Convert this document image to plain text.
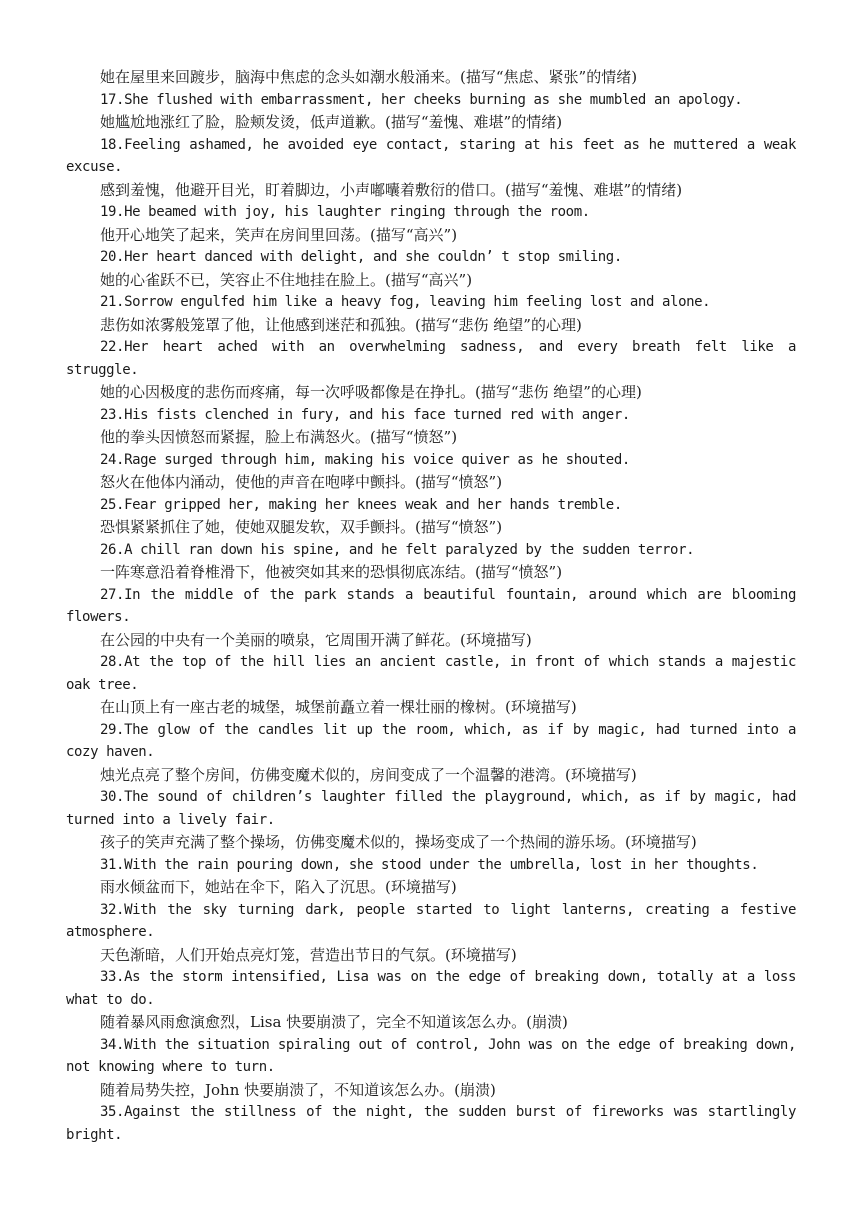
她在屋里来回踱步，脑海中焦虑的念头如潮水般涌来。(描写“焦虑、紧张”的情绪)

17.She flushed with embarrassment, her cheeks burning as she mumbled an apology.

她尴尬地涨红了脸，脸颊发烫，低声道歉。(描写“羞愧、难堪”的情绪)

18.Feeling ashamed, he avoided eye contact, staring at his feet as he muttered a weak excuse.

感到羞愧，他避开目光，盯着脚边，小声嘟囔着敷衍的借口。(描写“羞愧、难堪”的情绪)

19.He beamed with joy, his laughter ringing through the room.

他开心地笑了起来，笑声在房间里回荡。(描写“高兴”)

20.Her heart danced with delight, and she couldn’ t stop smiling.

她的心雀跃不已，笑容止不住地挂在脸上。(描写“高兴”)

21.Sorrow engulfed him like a heavy fog, leaving him feeling lost and alone.

悲伤如浓雾般笼罩了他，让他感到迷茫和孤独。(描写“悲伤 绝望”的心理)

22.Her heart ached with an overwhelming sadness, and every breath felt like a struggle.

她的心因极度的悲伤而疼痛，每一次呼吸都像是在挣扎。(描写“悲伤 绝望”的心理)

23.His fists clenched in fury, and his face turned red with anger.

他的拳头因愤怒而紧握，脸上布满怒火。(描写“愤怒”)

24.Rage surged through him, making his voice quiver as he shouted.

怒火在他体内涌动，使他的声音在咆哮中颤抖。(描写“愤怒”)

25.Fear gripped her, making her knees weak and her hands tremble.

恐惧紧紧抓住了她，使她双腿发软，双手颤抖。(描写“愤怒”)

26.A chill ran down his spine, and he felt paralyzed by the sudden terror.

一阵寒意沿着脊椎滑下，他被突如其来的恐惧彻底冻结。(描写“愤怒”)

27.In the middle of the park stands a beautiful fountain, around which are blooming flowers.

在公园的中央有一个美丽的喷泉，它周围开满了鲜花。(环境描写)

28.At the top of the hill lies an ancient castle, in front of which stands a majestic oak tree.

在山顶上有一座古老的城堡，城堡前矗立着一棵壮丽的橡树。(环境描写)

29.The glow of the candles lit up the room, which, as if by magic, had turned into a cozy haven.

烛光点亮了整个房间，仿佛变魔术似的，房间变成了一个温馨的港湾。(环境描写)

30.The sound of children’s laughter filled the playground, which, as if by magic, had turned into a lively fair.

孩子的笑声充满了整个操场，仿佛变魔术似的，操场变成了一个热闹的游乐场。(环境描写)

31.With the rain pouring down, she stood under the umbrella, lost in her thoughts.

雨水倾盆而下，她站在伞下，陷入了沉思。(环境描写)

32.With the sky turning dark, people started to light lanterns, creating a festive atmosphere.

天色渐暗，人们开始点亮灯笼，营造出节日的气氛。(环境描写)

33.As the storm intensified, Lisa was on the edge of breaking down, totally at a loss what to do.

随着暴风雨愈演愈烈，Lisa 快要崩溃了，完全不知道该怎么办。(崩溃)

34.With the situation spiraling out of control, John was on the edge of breaking down, not knowing where to turn.

随着局势失控，John 快要崩溃了，不知道该怎么办。(崩溃)

35.Against the stillness of the night, the sudden burst of fireworks was startlingly bright.
